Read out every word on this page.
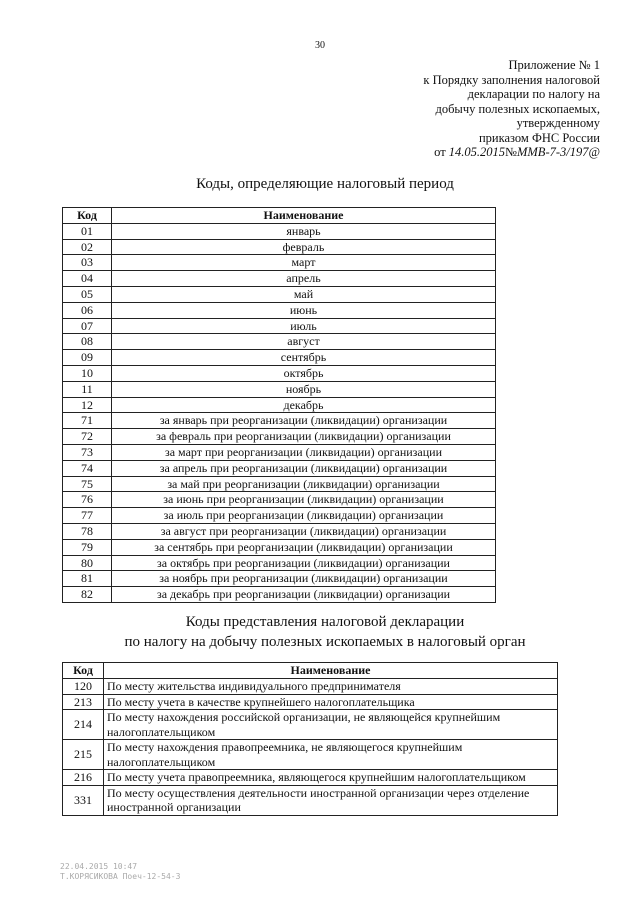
30
Приложение № 1
к Порядку заполнения налоговой
декларации по налогу на
добычу полезных ископаемых,
утвержденному
приказом ФНС России
от 14.05.2015№ММВ-7-3/197@
Коды, определяющие налоговый период
Код	Наименование
01	январь
02	февраль
03	март
04	апрель
05	май
06	июнь
07	июль
08	август
09	сентябрь
10	октябрь
11	ноябрь
12	декабрь
71	за январь при реорганизации (ликвидации) организации
72	за февраль при реорганизации (ликвидации) организации
73	за март при реорганизации (ликвидации) организации
74	за апрель при реорганизации (ликвидации) организации
75	за май при реорганизации (ликвидации) организации
76	за июнь при реорганизации (ликвидации) организации
77	за июль при реорганизации (ликвидации) организации
78	за август при реорганизации (ликвидации) организации
79	за сентябрь при реорганизации (ликвидации) организации
80	за октябрь при реорганизации (ликвидации) организации
81	за ноябрь при реорганизации (ликвидации) организации
82	за декабрь при реорганизации (ликвидации) организации
Коды представления налоговой декларации
по налогу на добычу полезных ископаемых в налоговый орган
Код	Наименование
120	По месту жительства индивидуального предпринимателя
213	По месту учета в качестве крупнейшего налогоплательщика
214	По месту нахождения российской организации, не являющейся крупнейшим налогоплательщиком
215	По месту нахождения правопреемника, не являющегося крупнейшим налогоплательщиком
216	По месту учета правопреемника, являющегося крупнейшим налогоплательщиком
331	По месту осуществления деятельности иностранной организации через отделение иностранной организации
22.04.2015 10:47
Т.КОРЯСИКОВА Поеч-12-54-3
